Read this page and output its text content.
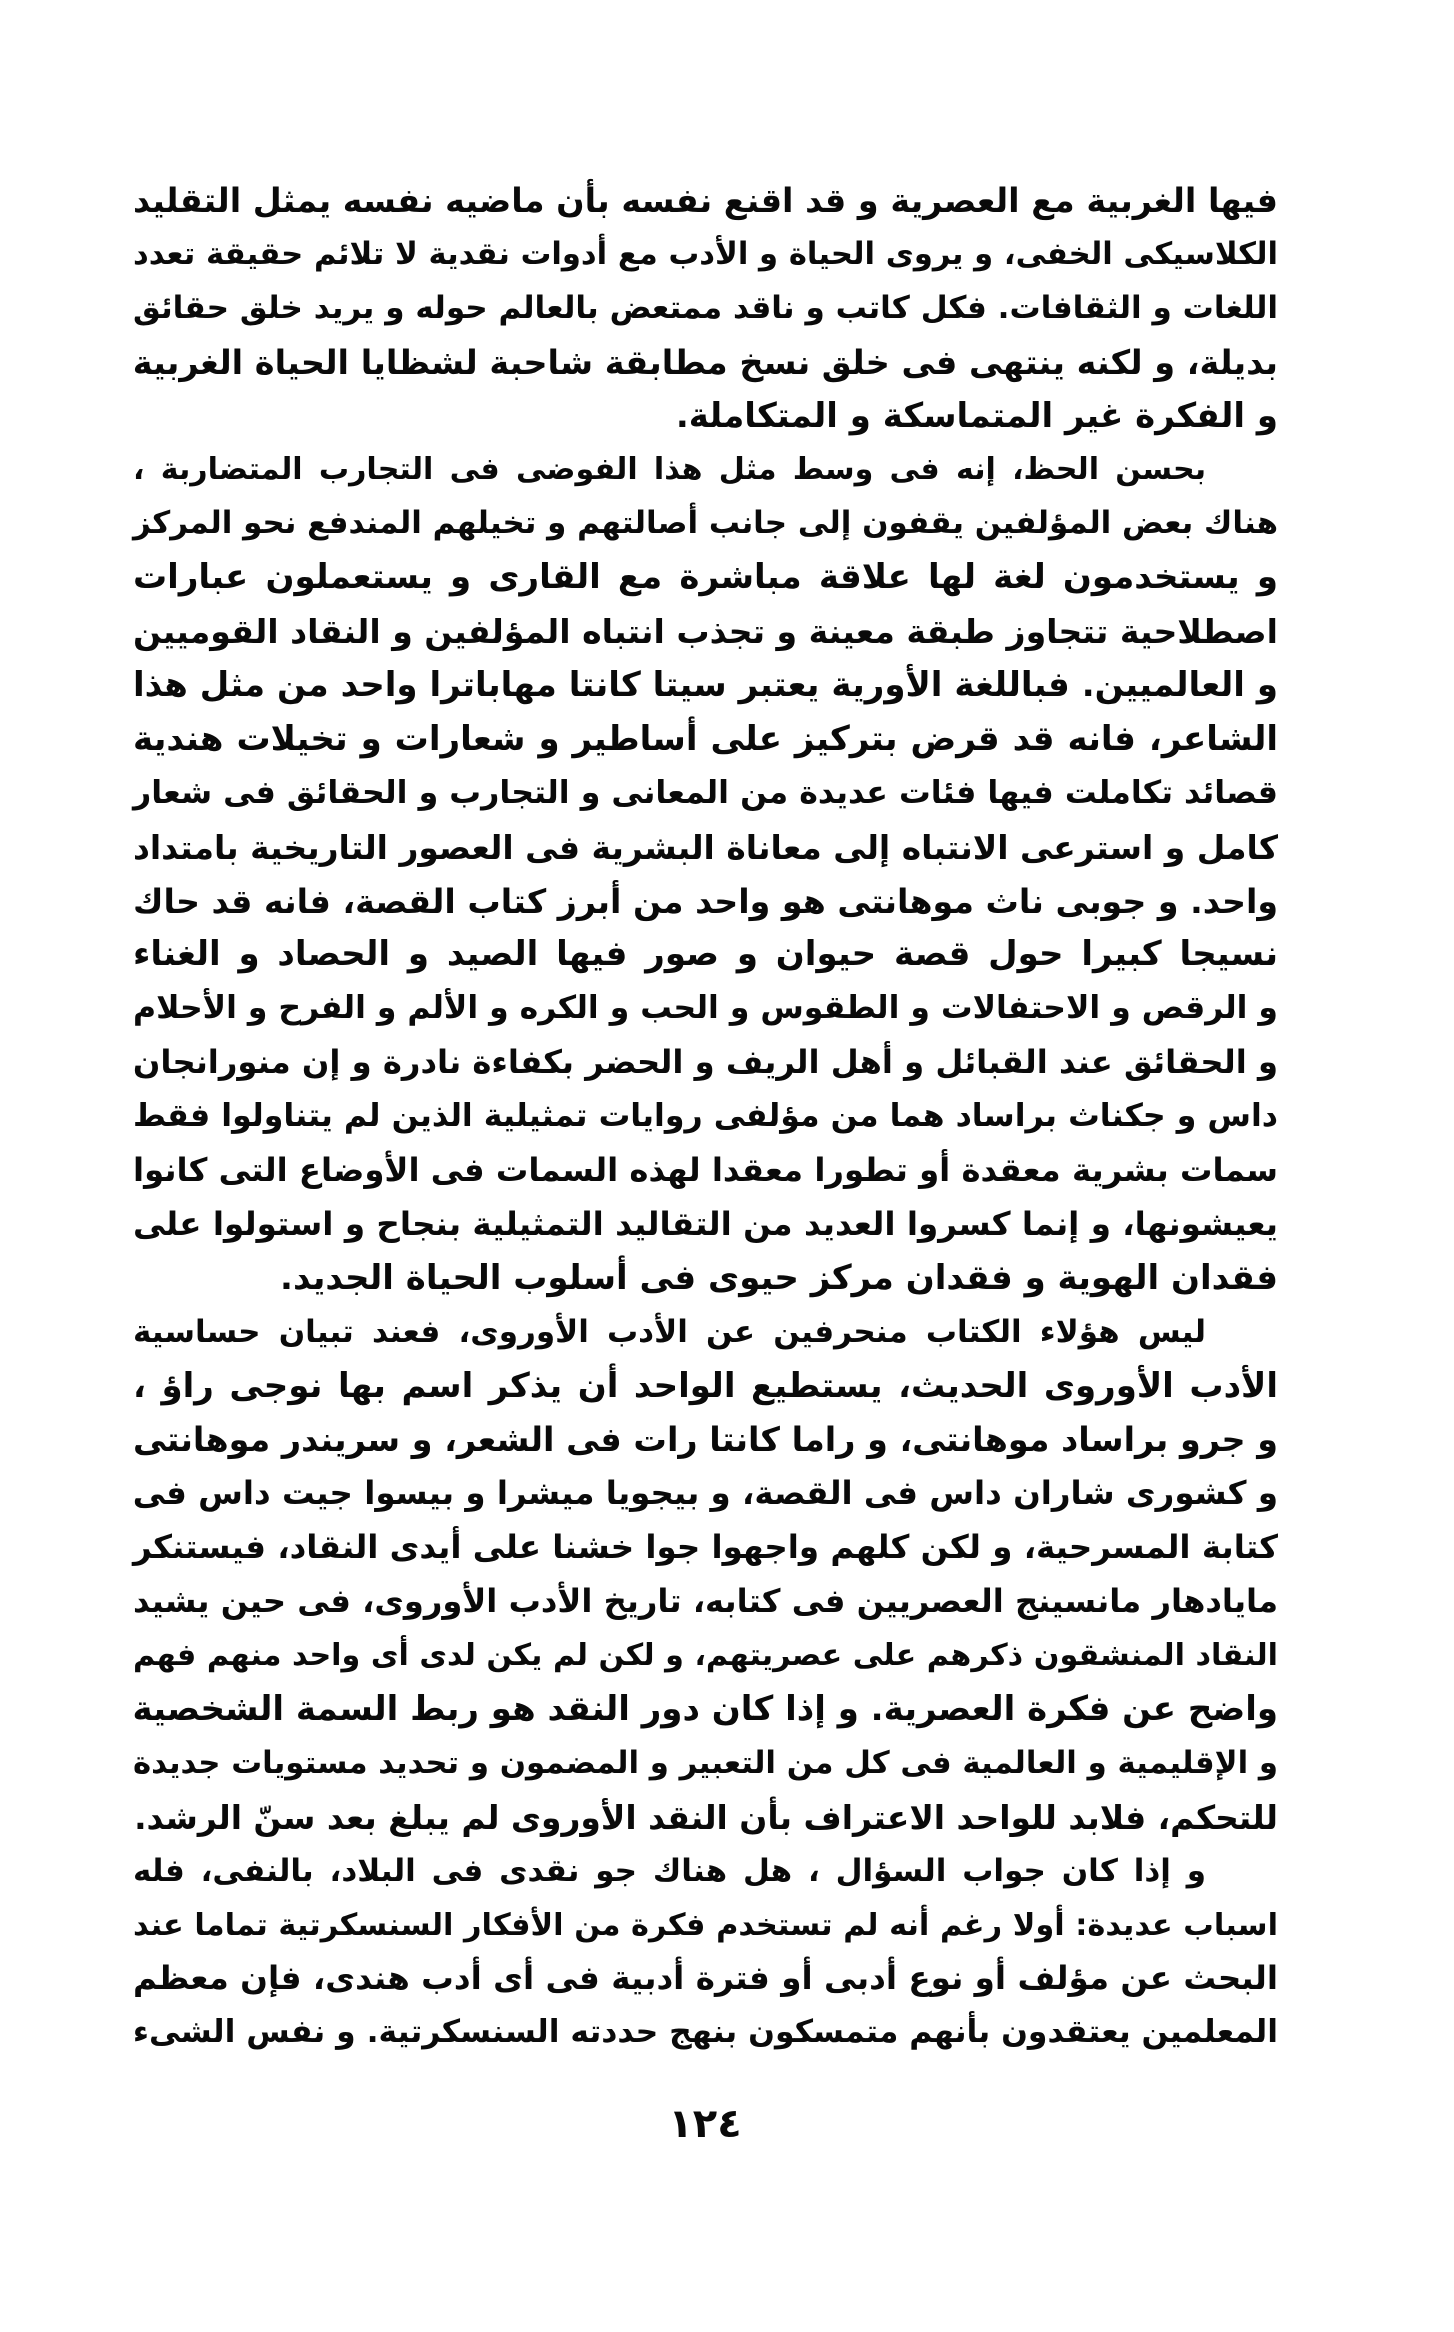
فيها الغربية مع العصرية و قد اقنع نفسه بأن ماضيه نفسه يمثل التقليد
الكلاسيكى الخفى، و يروى الحياة و الأدب مع أدوات نقدية لا تلائم حقيقة تعدد
اللغات و الثقافات. فكل كاتب و ناقد ممتعض بالعالم حوله و يريد خلق حقائق
بديلة، و لكنه ينتهى فى خلق نسخ مطابقة شاحبة لشظايا الحياة الغربية
و الفكرة غير المتماسكة و المتكاملة.
بحسن الحظ، إنه فى وسط مثل هذا الفوضى فى التجارب المتضاربة ،
هناك بعض المؤلفين يقفون إلى جانب أصالتهم و تخيلهم المندفع نحو المركز
و يستخدمون لغة لها علاقة مباشرة مع القارى و يستعملون عبارات
اصطلاحية تتجاوز طبقة معينة و تجذب انتباه المؤلفين و النقاد القوميين
و العالميين. فباللغة الأورية يعتبر سيتا كانتا مهاباترا واحد من مثل هذا
الشاعر، فانه قد قرض بتركيز على أساطير و شعارات و تخيلات هندية
قصائد تكاملت فيها فئات عديدة من المعانى و التجارب و الحقائق فى شعار
كامل و استرعى الانتباه إلى معاناة البشرية فى العصور التاريخية بامتداد
واحد. و جوبى ناث موهانتى هو واحد من أبرز كتاب القصة، فانه قد حاك
نسيجا كبيرا حول قصة حيوان و صور فيها الصيد و الحصاد و الغناء
و الرقص و الاحتفالات و الطقوس و الحب و الكره و الألم و الفرح و الأحلام
و الحقائق عند القبائل و أهل الريف و الحضر بكفاءة نادرة و إن منورانجان
داس و جكناث براساد هما من مؤلفى روايات تمثيلية الذين لم يتناولوا فقط
سمات بشرية معقدة أو تطورا معقدا لهذه السمات فى الأوضاع التى كانوا
يعيشونها، و إنما كسروا العديد من التقاليد التمثيلية بنجاح و استولوا على
فقدان الهوية و فقدان مركز حيوى فى أسلوب الحياة الجديد.
ليس هؤلاء الكتاب منحرفين عن الأدب الأوروى، فعند تبيان حساسية
الأدب الأوروى الحديث، يستطيع الواحد أن يذكر اسم بها نوجى راؤ ،
و جرو براساد موهانتى، و راما كانتا رات فى الشعر، و سريندر موهانتى
و كشورى شاران داس فى القصة، و بيجويا ميشرا و بيسوا جيت داس فى
كتابة المسرحية، و لكن كلهم واجهوا جوا خشنا على أيدى النقاد، فيستنكر
مايادهار مانسينج العصريين فى كتابه، تاريخ الأدب الأوروى، فى حين يشيد
النقاد المنشقون ذكرهم على عصريتهم، و لكن لم يكن لدى أى واحد منهم فهم
واضح عن فكرة العصرية. و إذا كان دور النقد هو ربط السمة الشخصية
و الإقليمية و العالمية فى كل من التعبير و المضمون و تحديد مستويات جديدة
للتحكم، فلابد للواحد الاعتراف بأن النقد الأوروى لم يبلغ بعد سنّ الرشد.
و إذا كان جواب السؤال ، هل هناك جو نقدى فى البلاد، بالنفى، فله
اسباب عديدة: أولا رغم أنه لم تستخدم فكرة من الأفكار السنسكرتية تماما عند
البحث عن مؤلف أو نوع أدبى أو فترة أدبية فى أى أدب هندى، فإن معظم
المعلمين يعتقدون بأنهم متمسكون بنهج حددته السنسكرتية. و نفس الشىء
١٢٤
